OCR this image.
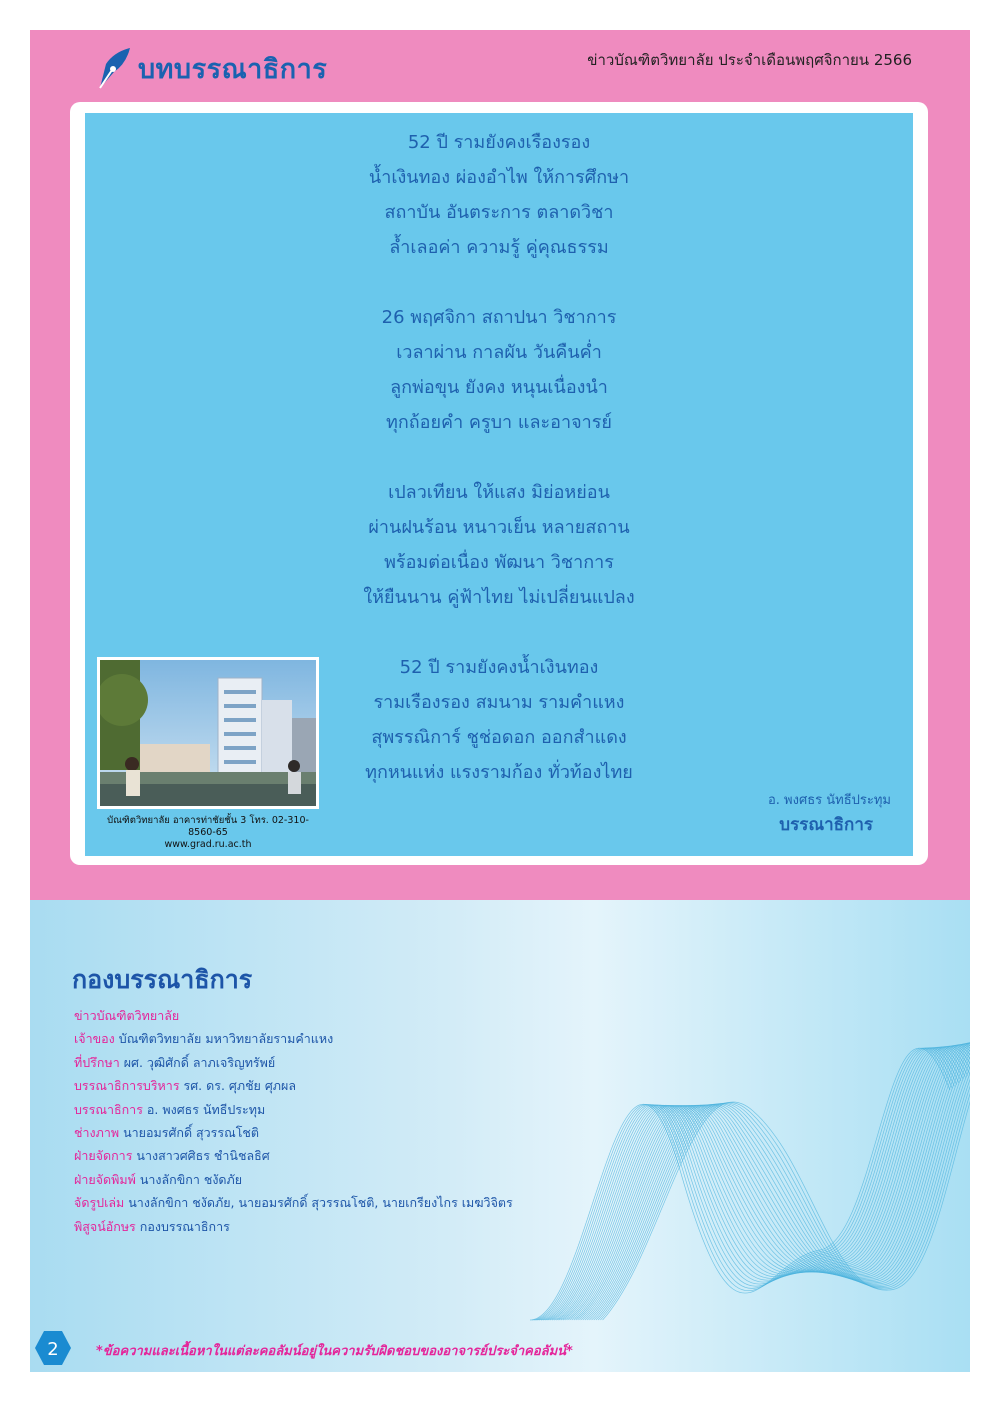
บทบรรณาธิการ	ข่าวบัณฑิตวิทยาลัย ประจำเดือนพฤศจิกายน 2566
52 ปี รามยังคงเรืองรอง
น้ำเงินทอง ผ่องอำไพ ให้การศึกษา
สถาบัน อันตระการ ตลาดวิชา
ล้ำเลอค่า ความรู้ คู่คุณธรรม
26 พฤศจิกา สถาปนา วิชาการ
เวลาผ่าน กาลผัน วันคืนค่ำ
ลูกพ่อขุน ยังคง หนุนเนื่องนำ
ทุกถ้อยคำ ครูบา และอาจารย์
เปลวเทียน ให้แสง มิย่อหย่อน
ผ่านฝนร้อน หนาวเย็น หลายสถาน
พร้อมต่อเนื่อง พัฒนา วิชาการ
ให้ยืนนาน คู่ฟ้าไทย ไม่เปลี่ยนแปลง
52 ปี รามยังคงน้ำเงินทอง
รามเรืองรอง สมนาม รามคำแหง
สุพรรณิการ์ ชูช่อดอก ออกสำแดง
ทุกหนแห่ง แรงรามก้อง ทั่วท้องไทย
บัณฑิตวิทยาลัย อาคารท่าชัยชั้น 3 โทร. 02-310-8560-65
www.grad.ru.ac.th
อ. พงศธร นัทธีประทุม
บรรณาธิการ
กองบรรณาธิการ
ข่าวบัณฑิตวิทยาลัย
เจ้าของ บัณฑิตวิทยาลัย มหาวิทยาลัยรามคำแหง
ที่ปรึกษา ผศ. วุฒิศักดิ์ ลาภเจริญทรัพย์
บรรณาธิการบริหาร รศ. ดร. ศุภชัย ศุภผล
บรรณาธิการ อ. พงศธร นัทธีประทุม
ช่างภาพ นายอมรศักดิ์ สุวรรณโชติ
ฝ่ายจัดการ นางสาวศศิธร ชำนิชลธิศ
ฝ่ายจัดพิมพ์ นางลักขิกา ชงัดภัย
จัดรูปเล่ม นางลักขิกา ชงัดภัย, นายอมรศักดิ์ สุวรรณโชติ, นายเกรียงไกร เมฆวิจิตร
พิสูจน์อักษร กองบรรณาธิการ
2	*ข้อความและเนื้อหาในแต่ละคอลัมน์อยู่ในความรับผิดชอบของอาจารย์ประจำคอลัมน์*
